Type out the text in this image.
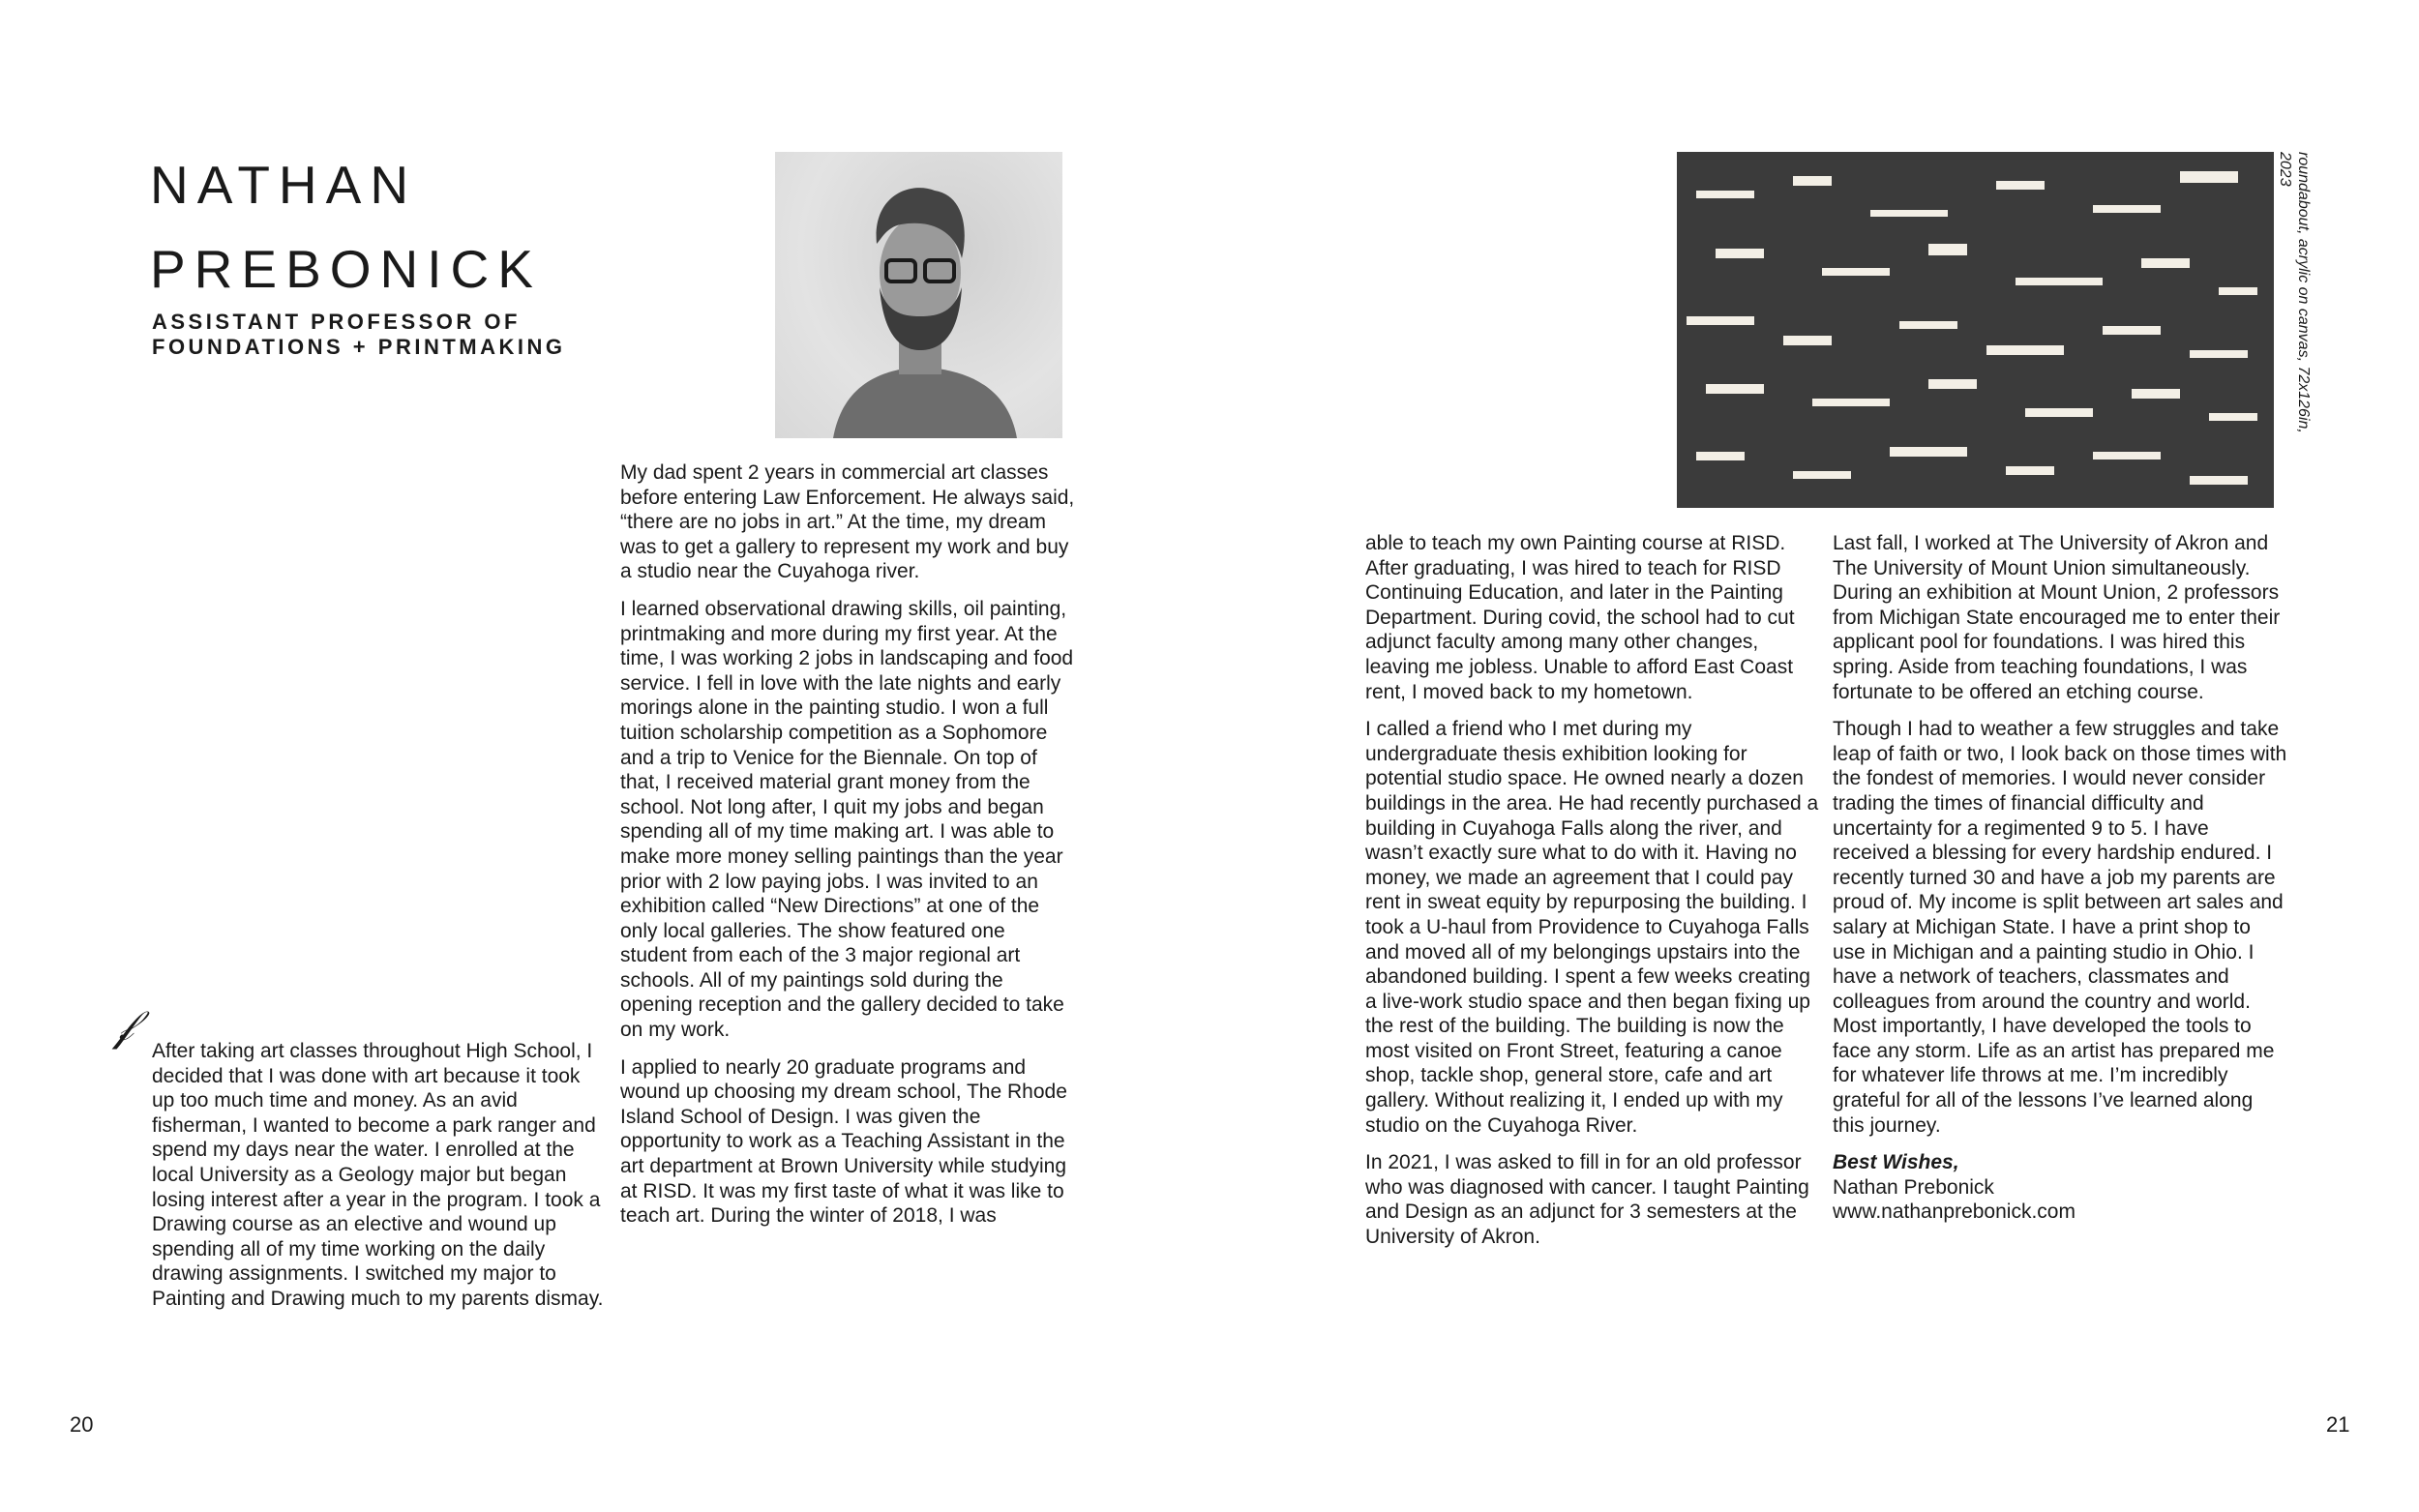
NATHAN
PREBONICK
ASSISTANT PROFESSOR OF
FOUNDATIONS + PRINTMAKING	roundabout, acrylic on canvas, 72x126in, 2023
𝒻

After taking art classes throughout High School, I decided that I was done with art because it took up too much time and money. As an avid fisherman, I wanted to become a park ranger and spend my days near the water. I enrolled at the local University as a Geology major but began losing interest after a year in the program. I took a Drawing course as an elective and wound up spending all of my time working on the daily drawing assignments. I switched my major to Painting and Drawing much to my parents dismay.

My dad spent 2 years in commercial art classes before entering Law Enforcement. He always said, “there are no jobs in art.” At the time, my dream was to get a gallery to represent my work and buy a studio near the Cuyahoga river.

I learned observational drawing skills, oil painting, printmaking and more during my first year. At the time, I was working 2 jobs in landscaping and food service. I fell in love with the late nights and early morings alone in the painting studio. I won a full tuition scholarship competition as a Sophomore and a trip to Venice for the Biennale. On top of that, I received material grant money from the school. Not long after, I quit my jobs and began spending all of my time making art. I was able to make more money selling paintings than the year prior with 2 low paying jobs. I was invited to an exhibition called “New Directions” at one of the only local galleries. The show featured one student from each of the 3 major regional art schools. All of my paintings sold during the opening reception and the gallery decided to take on my work.

I applied to nearly 20 graduate programs and wound up choosing my dream school, The Rhode Island School of Design. I was given the opportunity to work as a Teaching Assistant in the art department at Brown University while studying at RISD. It was my first taste of what it was like to teach art. During the winter of 2018, I was

able to teach my own Painting course at RISD. After graduating, I was hired to teach for RISD Continuing Education, and later in the Painting Department. During covid, the school had to cut adjunct faculty among many other changes, leaving me jobless. Unable to afford East Coast rent, I moved back to my hometown.

I called a friend who I met during my undergraduate thesis exhibition looking for potential studio space. He owned nearly a dozen buildings in the area. He had recently purchased a building in Cuyahoga Falls along the river, and wasn’t exactly sure what to do with it. Having no money, we made an agreement that I could pay rent in sweat equity by repurposing the building. I took a U-haul from Providence to Cuyahoga Falls and moved all of my belongings upstairs into the abandoned building. I spent a few weeks creating a live-work studio space and then began fixing up the rest of the building. The building is now the most visited on Front Street, featuring a canoe shop, tackle shop, general store, cafe and art gallery. Without realizing it, I ended up with my studio on the Cuyahoga River.

In 2021, I was asked to fill in for an old professor who was diagnosed with cancer. I taught Painting and Design as an adjunct for 3 semesters at the University of Akron.

Last fall, I worked at The University of Akron and The University of Mount Union simultaneously. During an exhibition at Mount Union, 2 professors from Michigan State encouraged me to enter their applicant pool for foundations. I was hired this spring. Aside from teaching foundations, I was fortunate to be offered an etching course.

Though I had to weather a few struggles and take leap of faith or two, I look back on those times with the fondest of memories. I would never consider trading the times of financial difficulty and uncertainty for a regimented 9 to 5. I have received a blessing for every hardship endured. I recently turned 30 and have a job my parents are proud of. My income is split between art sales and salary at Michigan State. I have a print shop to use in Michigan and a painting studio in Ohio. I have a network of teachers, classmates and colleagues from around the country and world. Most importantly, I have developed the tools to face any storm. Life as an artist has prepared me for whatever life throws at me. I’m incredibly grateful for all of the lessons I’ve learned along this journey.

Best Wishes,
Nathan Prebonick
www.nathanprebonick.com

20	21
